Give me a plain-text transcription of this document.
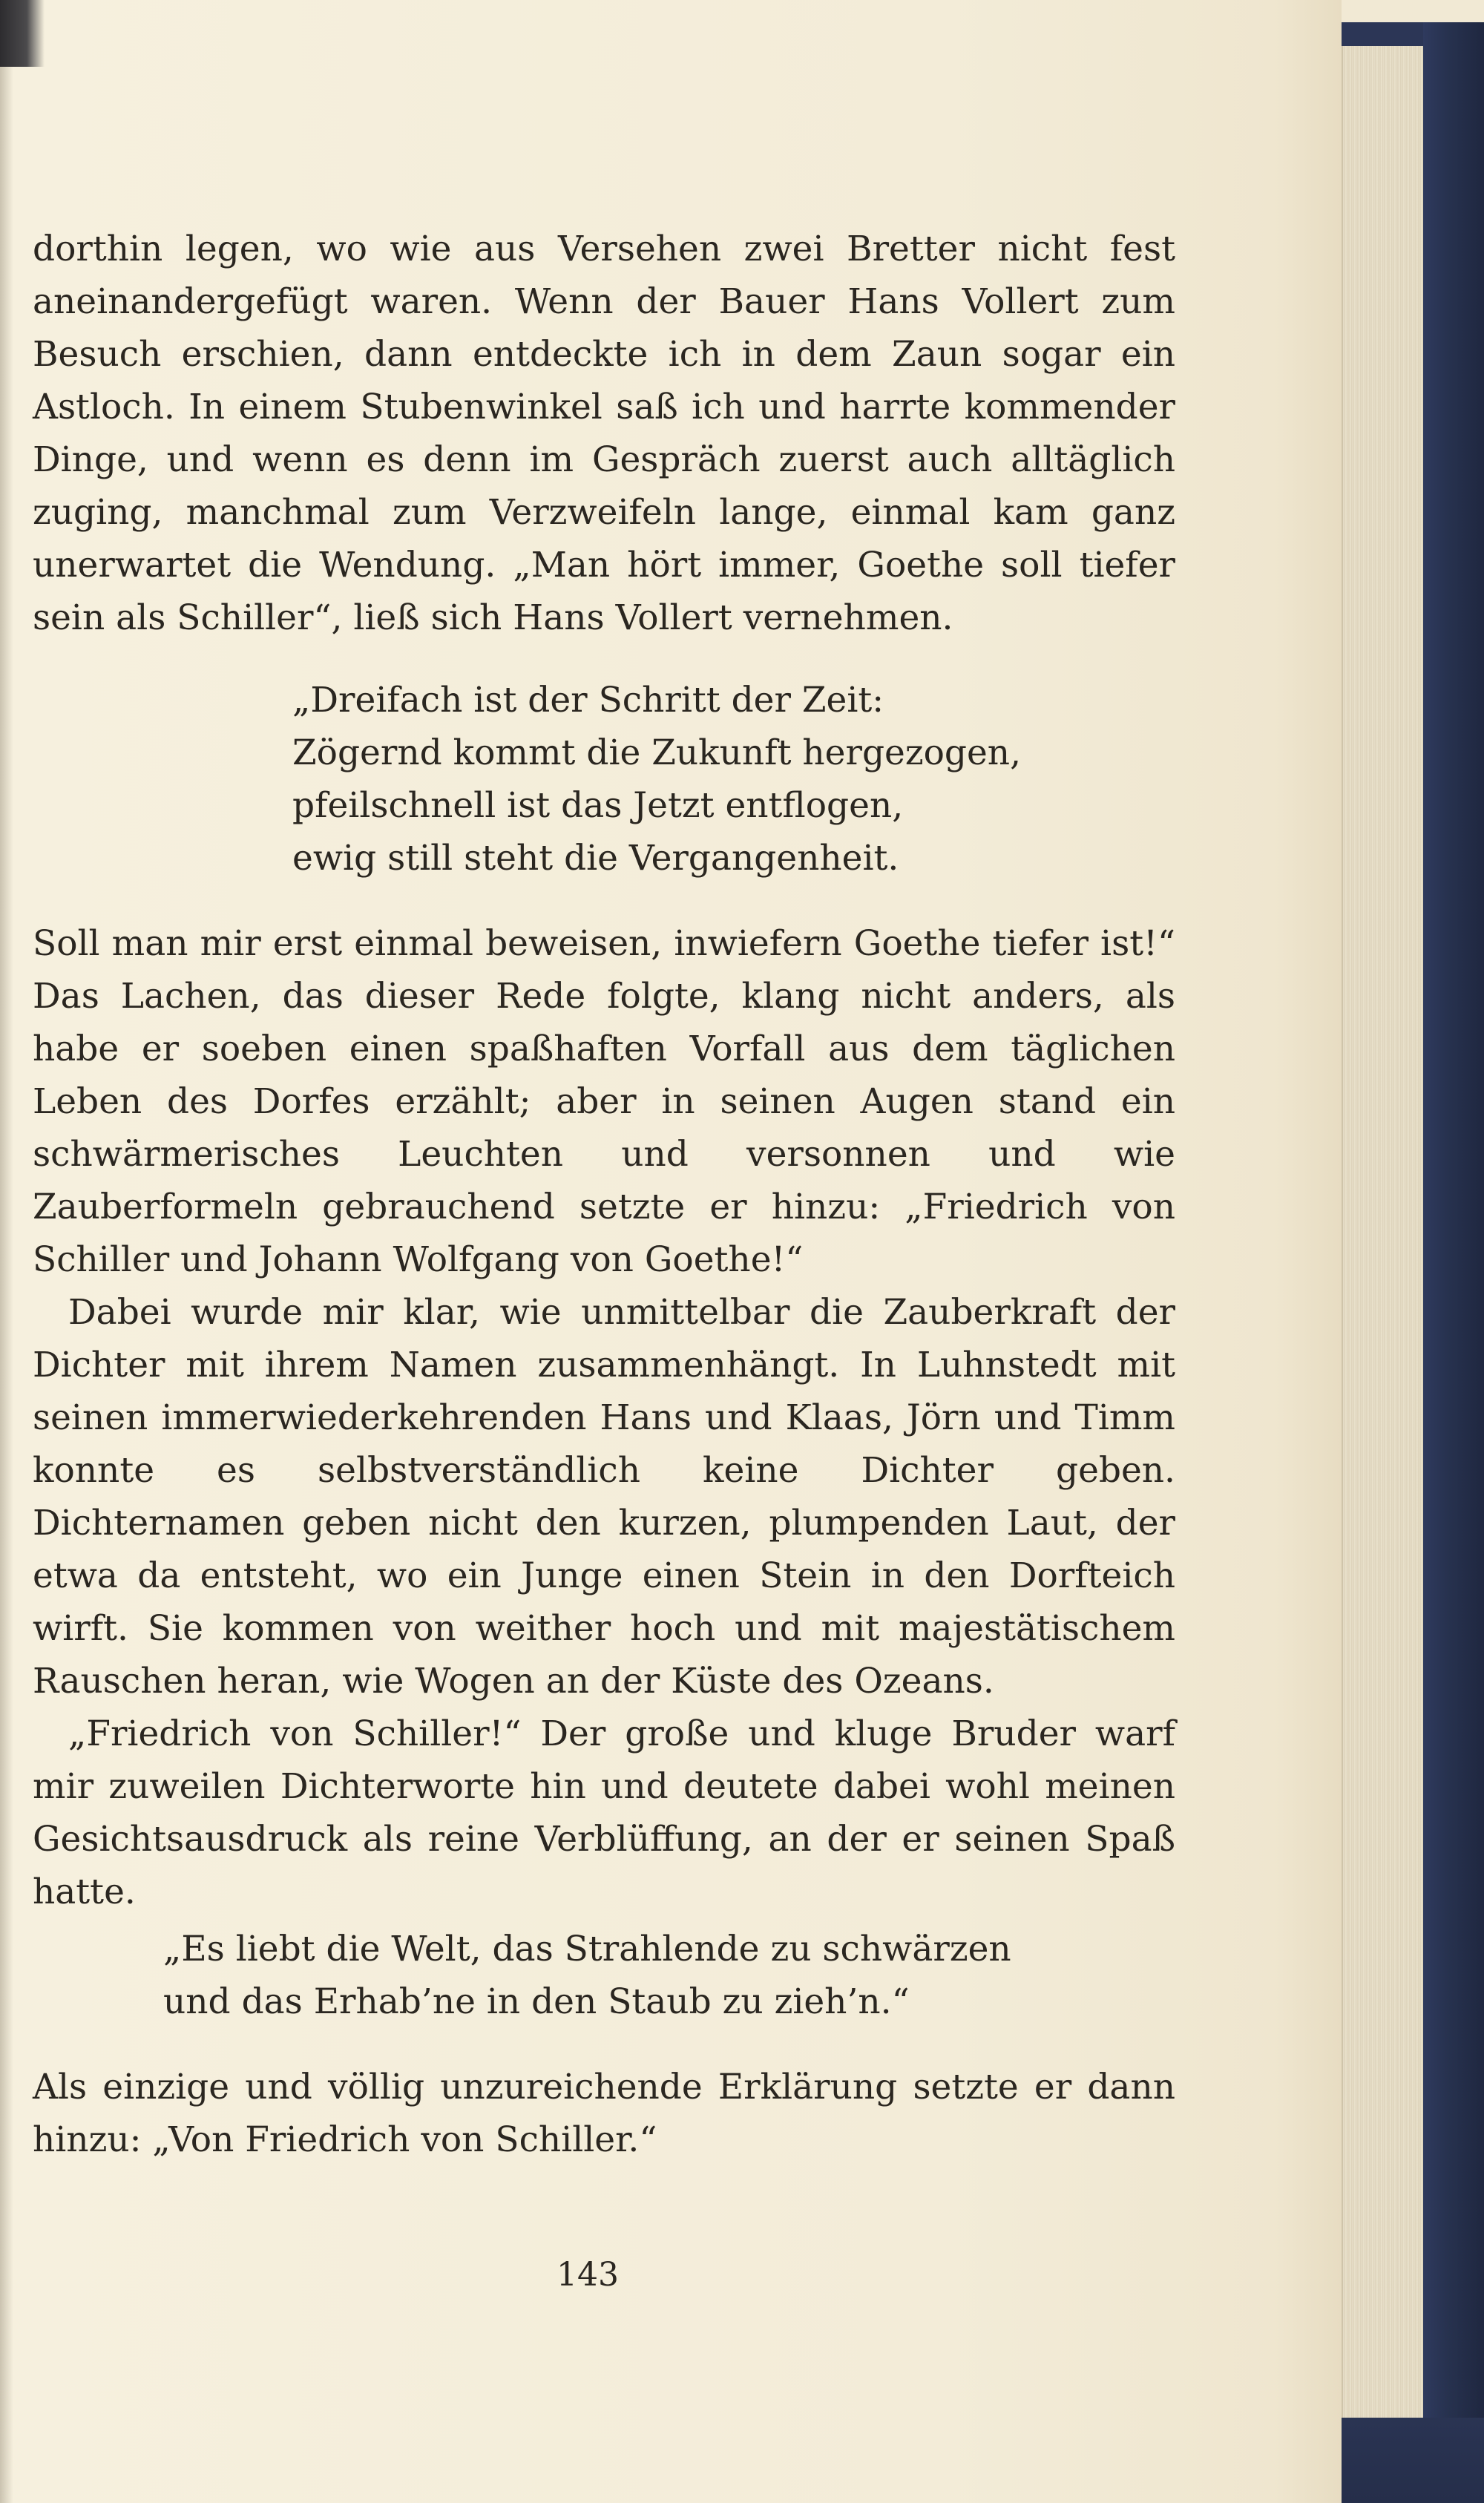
dorthin legen, wo wie aus Versehen zwei Bretter nicht fest aneinandergefügt waren. Wenn der Bauer Hans Vollert zum Besuch erschien, dann entdeckte ich in dem Zaun sogar ein Astloch. In einem Stubenwinkel saß ich und harrte kommender Dinge, und wenn es denn im Gespräch zuerst auch alltäglich zuging, manchmal zum Verzweifeln lange, einmal kam ganz unerwartet die Wendung. „Man hört immer, Goethe soll tiefer sein als Schiller“, ließ sich Hans Vollert vernehmen.

„Dreifach ist der Schritt der Zeit:
Zögernd kommt die Zukunft hergezogen,
pfeilschnell ist das Jetzt entflogen,
ewig still steht die Vergangenheit.

Soll man mir erst einmal beweisen, inwiefern Goethe tiefer ist!“ Das Lachen, das dieser Rede folgte, klang nicht anders, als habe er soeben einen spaßhaften Vorfall aus dem täglichen Leben des Dorfes erzählt; aber in seinen Augen stand ein schwärmerisches Leuchten und versonnen und wie Zauberformeln gebrauchend setzte er hinzu: „Friedrich von Schiller und Johann Wolfgang von Goethe!“

Dabei wurde mir klar, wie unmittelbar die Zauberkraft der Dichter mit ihrem Namen zusammenhängt. In Luhnstedt mit seinen immerwiederkehrenden Hans und Klaas, Jörn und Timm konnte es selbstverständlich keine Dichter geben. Dichternamen geben nicht den kurzen, plumpenden Laut, der etwa da entsteht, wo ein Junge einen Stein in den Dorfteich wirft. Sie kommen von weither hoch und mit majestätischem Rauschen heran, wie Wogen an der Küste des Ozeans.

„Friedrich von Schiller!“ Der große und kluge Bruder warf mir zuweilen Dichterworte hin und deutete dabei wohl meinen Gesichtsausdruck als reine Verblüffung, an der er seinen Spaß hatte.

„Es liebt die Welt, das Strahlende zu schwärzen
und das Erhab’ne in den Staub zu zieh’n.“

Als einzige und völlig unzureichende Erklärung setzte er dann hinzu: „Von Friedrich von Schiller.“

143
